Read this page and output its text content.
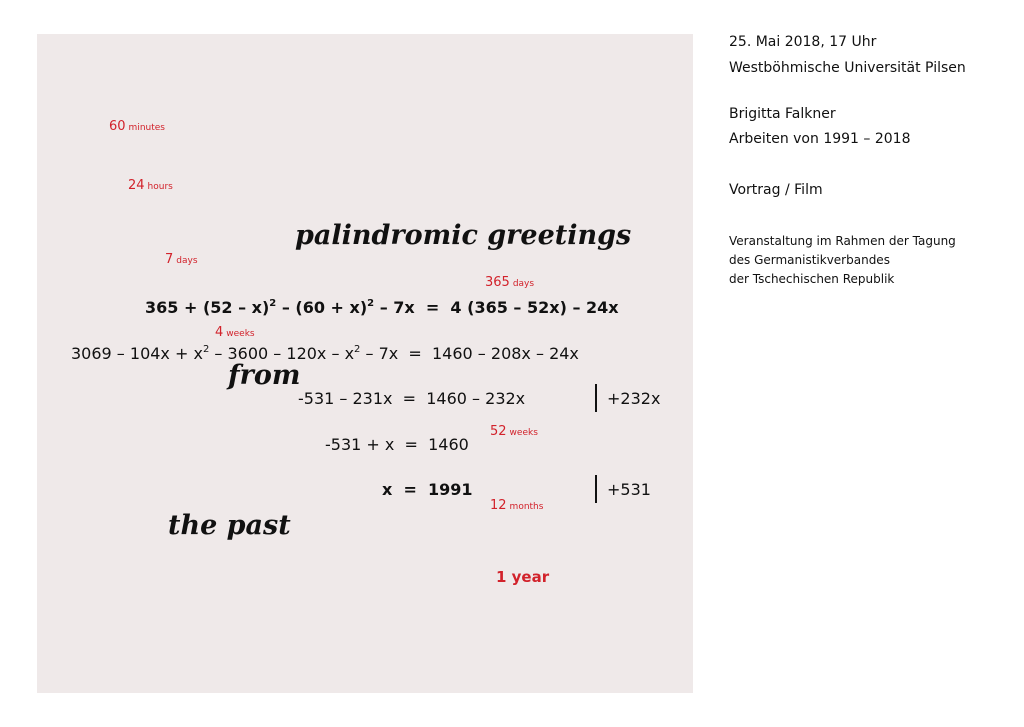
60 minutes
24 hours
7 days
365 days
4 weeks
52 weeks
12 months
1 year
palindromic greetings
from
the past
$365 + (52 - x)^2 - (60 + x)^2 - 7x = 4$ (365 – 52x) – 24x
$3069 - 104x + x^2 - 3600 - 120x - x^2 - 7x = 1460 - 208x - 24x$
-531 – 231x  =  1460 – 232x	+232x
-531 + x  =  1460
x  =  1991	+531
25. Mai 2018, 17 Uhr
Westböhmische Universität Pilsen
Brigitta Falkner
Arbeiten von 1991 – 2018
Vortrag / Film
Veranstaltung im Rahmen der Tagung
des Germanistikverbandes
der Tschechischen Republik
